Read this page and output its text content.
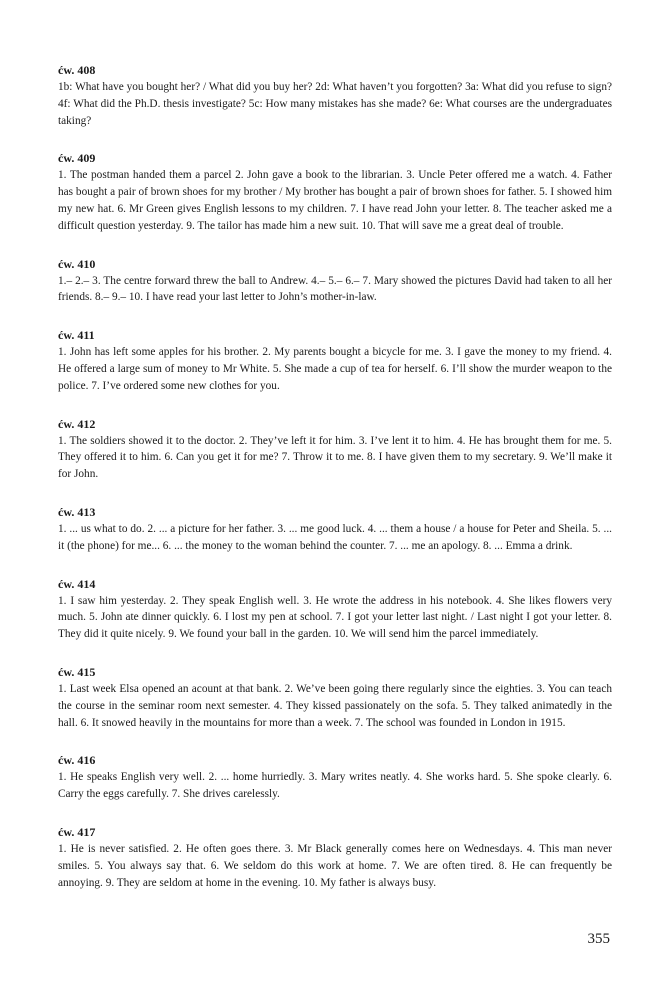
ćw. 408

1b: What have you bought her? / What did you buy her? 2d: What haven’t you forgotten? 3a: What did you refuse to sign? 4f: What did the Ph.D. thesis investigate? 5c: How many mistakes has she made? 6e: What courses are the undergraduates taking?

ćw. 409

1. The postman handed them a parcel 2. John gave a book to the librarian. 3. Uncle Peter offered me a watch. 4. Father has bought a pair of brown shoes for my brother / My brother has bought a pair of brown shoes for father. 5. I showed him my new hat. 6. Mr Green gives English lessons to my children. 7. I have read John your letter. 8. The teacher asked me a difficult question yesterday. 9. The tailor has made him a new suit. 10. That will save me a great deal of trouble.

ćw. 410

1.– 2.– 3. The centre forward threw the ball to Andrew. 4.– 5.– 6.– 7. Mary showed the pictures David had taken to all her friends. 8.– 9.– 10. I have read your last letter to John’s mother-in-law.

ćw. 411

1. John has left some apples for his brother. 2. My parents bought a bicycle for me. 3. I gave the money to my friend. 4. He offered a large sum of money to Mr White. 5. She made a cup of tea for herself. 6. I’ll show the murder weapon to the police. 7. I’ve ordered some new clothes for you.

ćw. 412

1. The soldiers showed it to the doctor. 2. They’ve left it for him. 3. I’ve lent it to him. 4. He has brought them for me. 5. They offered it to him. 6. Can you get it for me? 7. Throw it to me. 8. I have given them to my secretary. 9. We’ll make it for John.

ćw. 413

1. ... us what to do. 2. ... a picture for her father. 3. ... me good luck. 4. ... them a house / a house for Peter and Sheila. 5. ... it (the phone) for me... 6. ... the money to the woman behind the counter. 7. ... me an apology. 8. ... Emma a drink.

ćw. 414

1. I saw him yesterday. 2. They speak English well. 3. He wrote the address in his notebook. 4. She likes flowers very much. 5. John ate dinner quickly. 6. I lost my pen at school. 7. I got your letter last night. / Last night I got your letter. 8. They did it quite nicely. 9. We found your ball in the garden. 10. We will send him the parcel immediately.

ćw. 415

1. Last week Elsa opened an acount at that bank. 2. We’ve been going there regularly since the eighties. 3. You can teach the course in the seminar room next semester. 4. They kissed passionately on the sofa. 5. They talked animatedly in the hall. 6. It snowed heavily in the mountains for more than a week. 7. The school was founded in London in 1915.

ćw. 416

1. He speaks English very well. 2. ... home hurriedly. 3. Mary writes neatly. 4. She works hard. 5. She spoke clearly. 6. Carry the eggs carefully. 7. She drives carelessly.

ćw. 417

1. He is never satisfied. 2. He often goes there. 3. Mr Black generally comes here on Wednesdays. 4. This man never smiles. 5. You always say that. 6. We seldom do this work at home. 7. We are often tired. 8. He can frequently be annoying. 9. They are seldom at home in the evening. 10. My father is always busy.

355
